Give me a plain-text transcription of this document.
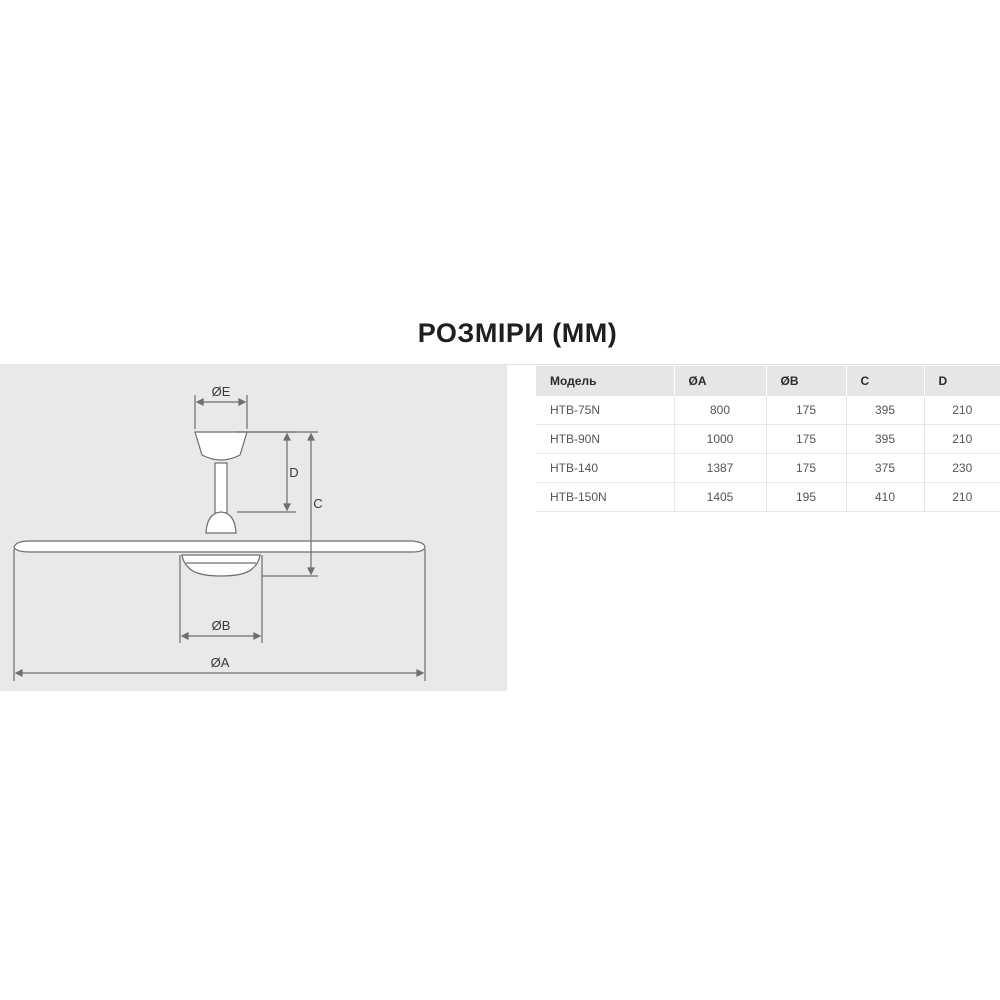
РОЗМІРИ (ММ)
ØE
D
C
ØB
ØA
Модель	ØA	ØB	C	D
HTB-75N	800	175	395	210
HTB-90N	1000	175	395	210
HTB-140	1387	175	375	230
HTB-150N	1405	195	410	210
